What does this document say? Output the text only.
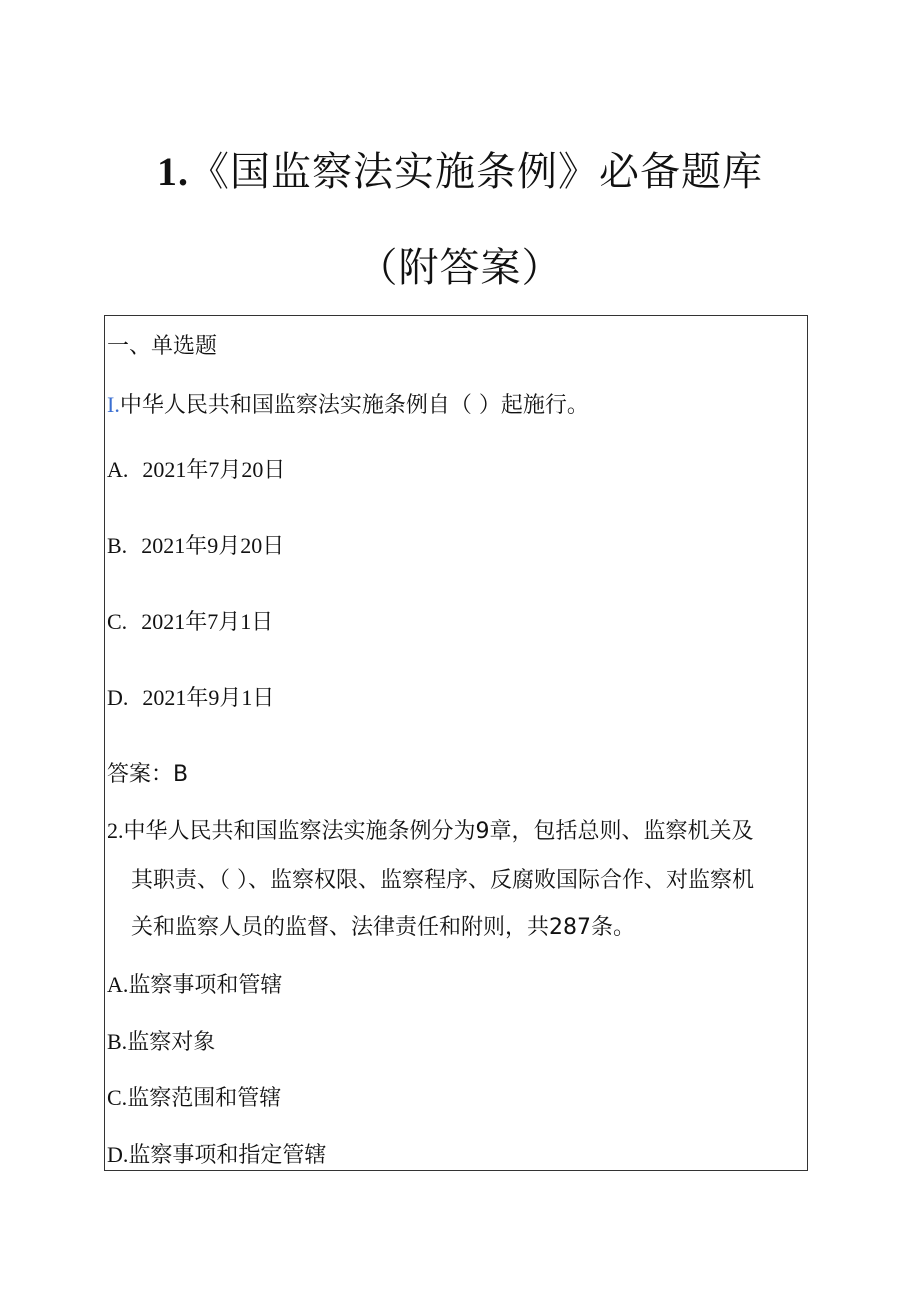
1.《国监察法实施条例》必备题库
（附答案）
一、单选题
I.中华人民共和国监察法实施条例自（ ）起施行。
A. 2021年7月20日
B. 2021年9月20日
C. 2021年7月1日
D. 2021年9月1日
答案：B
2.中华人民共和国监察法实施条例分为9章，包括总则、监察机关及
其职责、（ ）、监察权限、监察程序、反腐败国际合作、对监察机
关和监察人员的监督、法律责任和附则，共287条。
A.监察事项和管辖
B.监察对象
C.监察范围和管辖
D.监察事项和指定管辖
